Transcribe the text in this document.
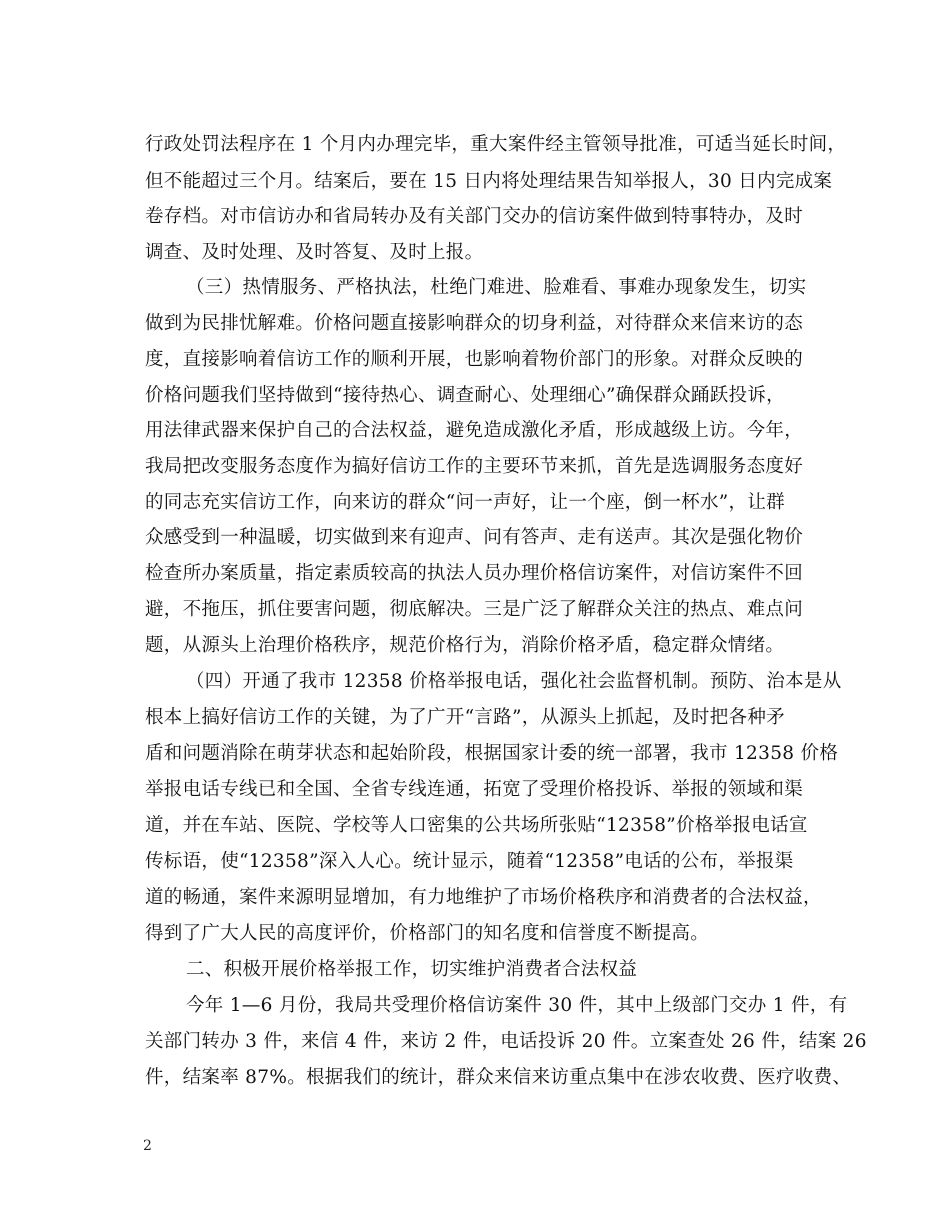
行政处罚法程序在 1 个月内办理完毕，重大案件经主管领导批准，可适当延长时间，
但不能超过三个月。结案后，要在 15 日内将处理结果告知举报人，30 日内完成案
卷存档。对市信访办和省局转办及有关部门交办的信访案件做到特事特办，及时
调查、及时处理、及时答复、及时上报。
（三）热情服务、严格执法，杜绝门难进、脸难看、事难办现象发生，切实
做到为民排忧解难。价格问题直接影响群众的切身利益，对待群众来信来访的态
度，直接影响着信访工作的顺利开展，也影响着物价部门的形象。对群众反映的
价格问题我们坚持做到“接待热心、调查耐心、处理细心”确保群众踊跃投诉，
用法律武器来保护自己的合法权益，避免造成激化矛盾，形成越级上访。今年，
我局把改变服务态度作为搞好信访工作的主要环节来抓，首先是选调服务态度好
的同志充实信访工作，向来访的群众“问一声好，让一个座，倒一杯水”，让群
众感受到一种温暖，切实做到来有迎声、问有答声、走有送声。其次是强化物价
检查所办案质量，指定素质较高的执法人员办理价格信访案件，对信访案件不回
避，不拖压，抓住要害问题，彻底解决。三是广泛了解群众关注的热点、难点问
题，从源头上治理价格秩序，规范价格行为，消除价格矛盾，稳定群众情绪。
（四）开通了我市 12358 价格举报电话，强化社会监督机制。预防、治本是从
根本上搞好信访工作的关键，为了广开“言路”，从源头上抓起，及时把各种矛
盾和问题消除在萌芽状态和起始阶段，根据国家计委的统一部署，我市 12358 价格
举报电话专线已和全国、全省专线连通，拓宽了受理价格投诉、举报的领域和渠
道，并在车站、医院、学校等人口密集的公共场所张贴“12358”价格举报电话宣
传标语，使“12358”深入人心。统计显示，随着“12358”电话的公布，举报渠
道的畅通，案件来源明显增加，有力地维护了市场价格秩序和消费者的合法权益，
得到了广大人民的高度评价，价格部门的知名度和信誉度不断提高。
二、积极开展价格举报工作，切实维护消费者合法权益
今年 1—6 月份，我局共受理价格信访案件 30 件，其中上级部门交办 1 件，有
关部门转办 3 件，来信 4 件，来访 2 件，电话投诉 20 件。立案查处 26 件，结案 26
件，结案率 87%。根据我们的统计，群众来信来访重点集中在涉农收费、医疗收费、
2
